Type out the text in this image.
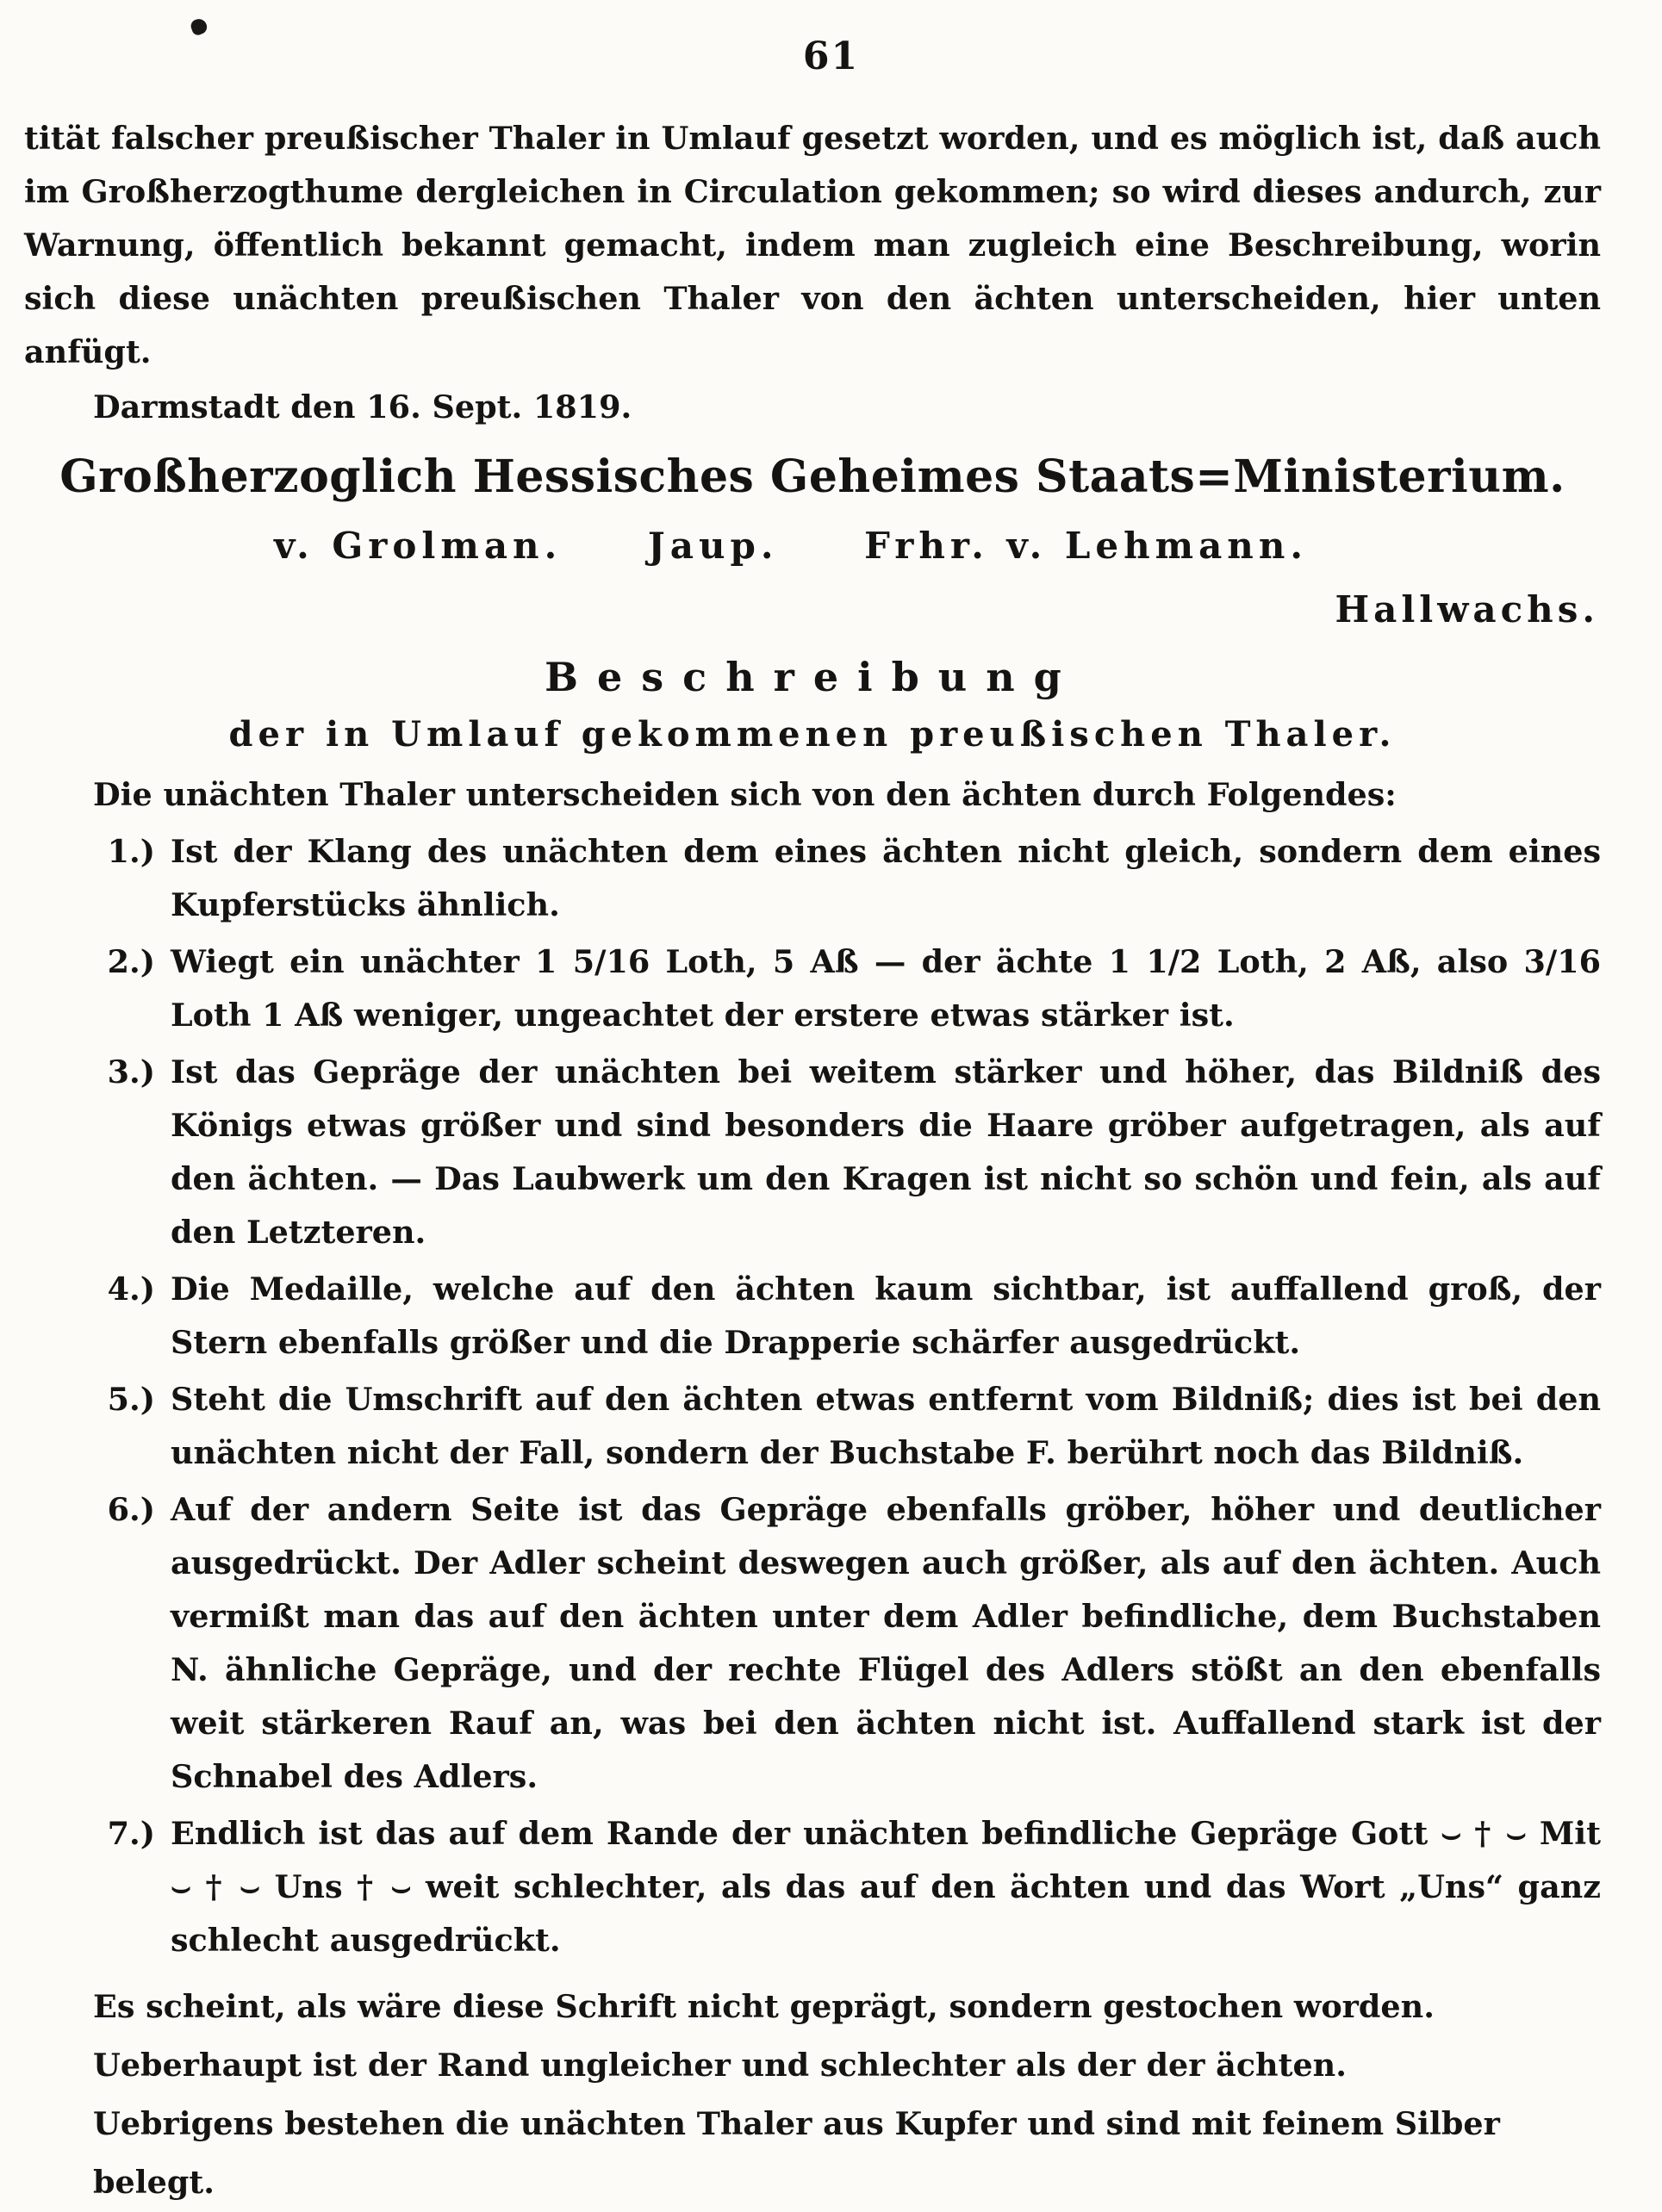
61
tität falscher preußischer Thaler in Umlauf gesetzt worden, und es möglich ist, daß auch im Großherzogthume dergleichen in Circulation gekommen; so wird dieses andurch, zur Warnung, öffentlich bekannt gemacht, indem man zugleich eine Beschreibung, worin sich diese unächten preußischen Thaler von den ächten unterscheiden, hier unten anfügt.
Darmstadt den 16. Sept. 1819.
Großherzoglich Hessisches Geheimes Staats=Ministerium.
v. Grolman. Jaup. Frhr. v. Lehmann.
Hallwachs.
Beschreibung
der in Umlauf gekommenen preußischen Thaler.
Die unächten Thaler unterscheiden sich von den ächten durch Folgendes:
1.) Ist der Klang des unächten dem eines ächten nicht gleich, sondern dem eines Kupferstücks ähnlich.
2.) Wiegt ein unächter 1 5/16 Loth, 5 Aß — der ächte 1 1/2 Loth, 2 Aß, also 3/16 Loth 1 Aß weniger, ungeachtet der erstere etwas stärker ist.
3.) Ist das Gepräge der unächten bei weitem stärker und höher, das Bildniß des Königs etwas größer und sind besonders die Haare gröber aufgetragen, als auf den ächten. — Das Laubwerk um den Kragen ist nicht so schön und fein, als auf den Letzteren.
4.) Die Medaille, welche auf den ächten kaum sichtbar, ist auffallend groß, der Stern ebenfalls größer und die Drapperie schärfer ausgedrückt.
5.) Steht die Umschrift auf den ächten etwas entfernt vom Bildniß; dies ist bei den unächten nicht der Fall, sondern der Buchstabe F. berührt noch das Bildniß.
6.) Auf der andern Seite ist das Gepräge ebenfalls gröber, höher und deutlicher ausgedrückt. Der Adler scheint deswegen auch größer, als auf den ächten. Auch vermißt man das auf den ächten unter dem Adler befindliche, dem Buchstaben N. ähnliche Gepräge, und der rechte Flügel des Adlers stößt an den ebenfalls weit stärkeren Rauf an, was bei den ächten nicht ist. Auffallend stark ist der Schnabel des Adlers.
7.) Endlich ist das auf dem Rande der unächten befindliche Gepräge Gott ⌣ † ⌣ Mit ⌣ † ⌣ Uns † ⌣ weit schlechter, als das auf den ächten und das Wort „Uns“ ganz schlecht ausgedrückt.
Es scheint, als wäre diese Schrift nicht geprägt, sondern gestochen worden.
Ueberhaupt ist der Rand ungleicher und schlechter als der der ächten.
Uebrigens bestehen die unächten Thaler aus Kupfer und sind mit feinem Silber belegt.
